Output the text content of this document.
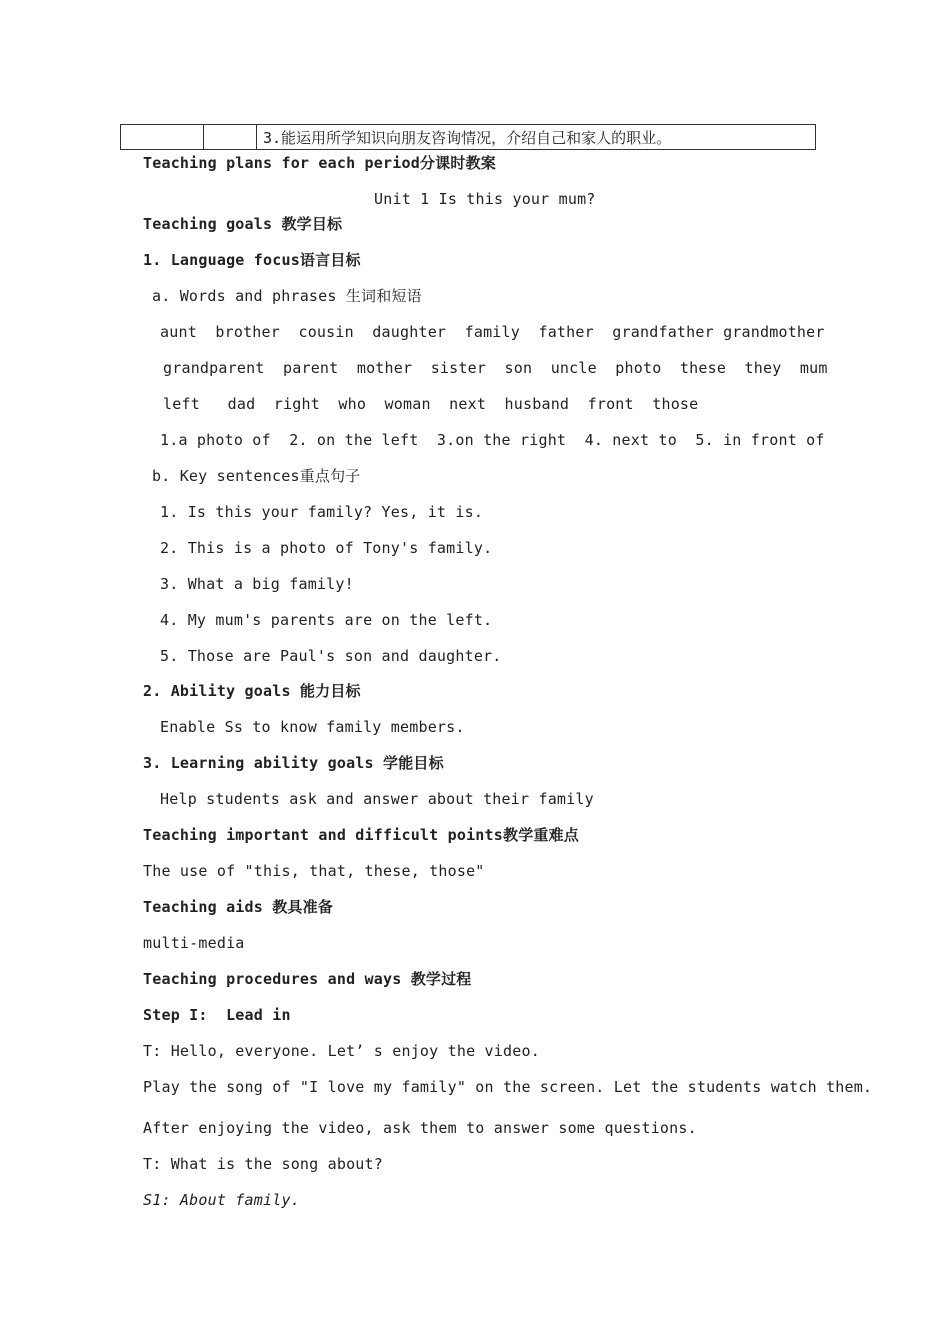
		3.能运用所学知识向朋友咨询情况，介绍自己和家人的职业。
Teaching plans for each period分课时教案
Unit 1 Is this your mum?
Teaching goals 教学目标
1. Language focus语言目标
a. Words and phrases 生词和短语
aunt  brother  cousin  daughter  family  father  grandfather grandmother
grandparent  parent  mother  sister  son  uncle  photo  these  they  mum
left   dad  right  who  woman  next  husband  front  those
1.a photo of  2. on the left  3.on the right  4. next to  5. in front of
b. Key sentences重点句子
1. Is this your family? Yes, it is.
2. This is a photo of Tony's family.
3. What a big family!
4. My mum's parents are on the left.
5. Those are Paul's son and daughter.
2. Ability goals 能力目标
Enable Ss to know family members.
3. Learning ability goals 学能目标
Help students ask and answer about their family
Teaching important and difficult points教学重难点
The use of "this, that, these, those"
Teaching aids 教具准备
multi-media
Teaching procedures and ways 教学过程
Step I:  Lead in
T: Hello, everyone. Let’ s enjoy the video.
Play the song of "I love my family" on the screen. Let the students watch them.
After enjoying the video, ask them to answer some questions.
T: What is the song about?
S1: About family.
